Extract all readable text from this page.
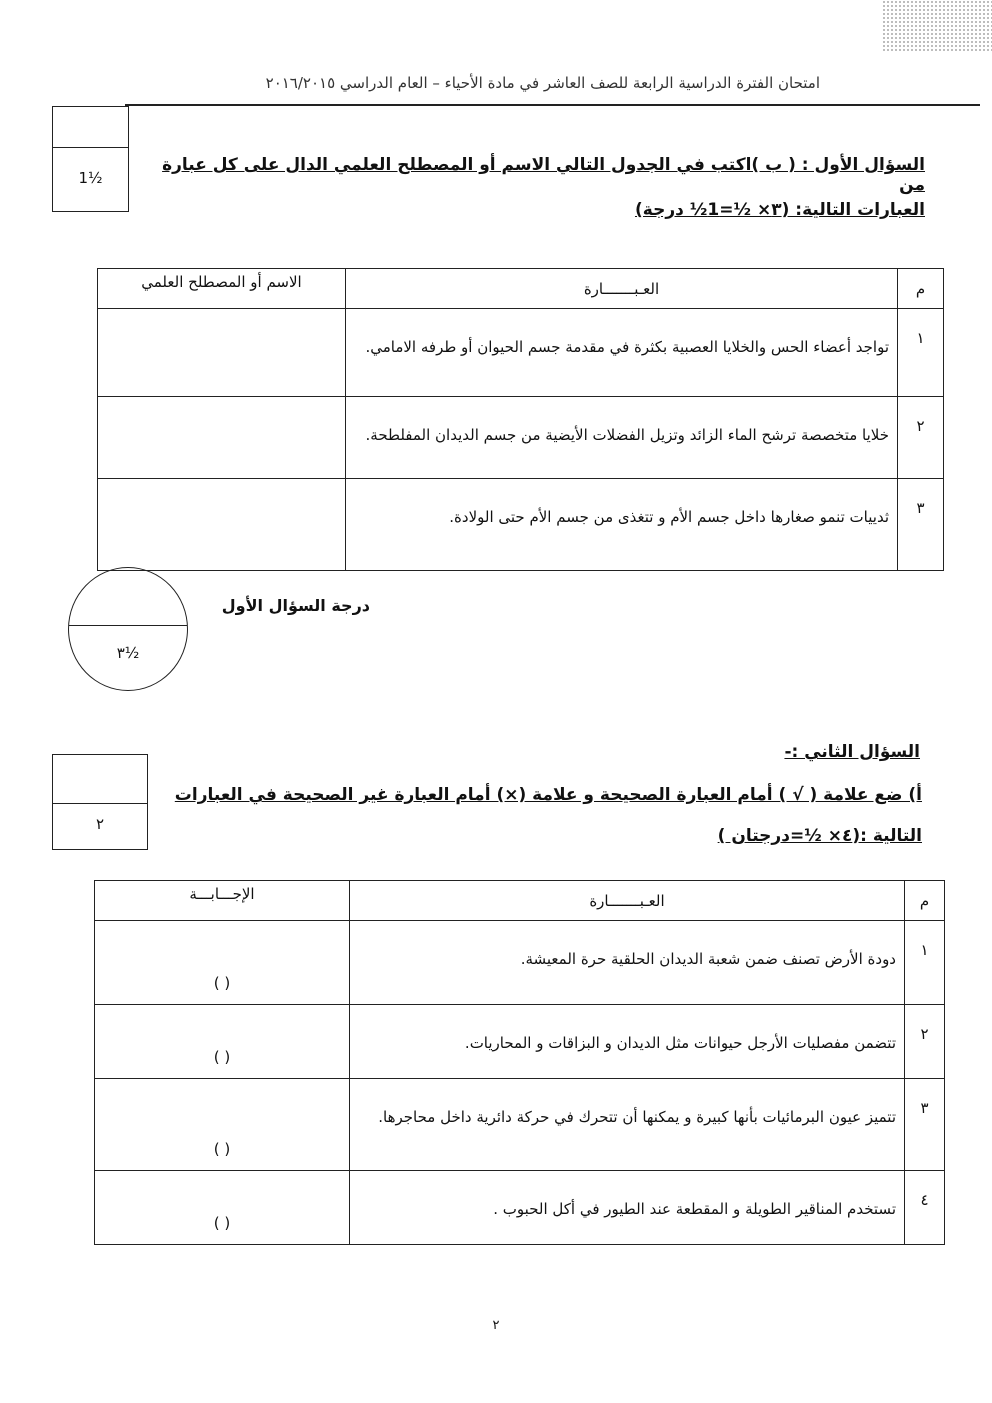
امتحان الفترة الدراسية الرابعة للصف العاشر في مادة الأحياء – العام الدراسي ٢٠١٦/٢٠١٥
1½
السؤال الأول : ( ب )اكتب في الجدول التالي الاسم أو المصطلح العلمي الدال على كل عبارة من
العبارات التالية: (٣× ½=1½ درجة)
م	العـبـــــــارة	الاسم أو المصطلح العلمي
١	تواجد أعضاء الحس والخلايا العصبية بكثرة في مقدمة جسم الحيوان أو طرفه الامامي.	
٢	خلايا متخصصة ترشح الماء الزائد وتزيل الفضلات الأيضية من جسم الديدان المفلطحة.	
٣	ثدييات تنمو صغارها داخل جسم الأم و تتغذى من جسم الأم حتى الولادة.	
٣½
درجة السؤال الأول
السؤال الثاني :-
٢
أ) ضع علامة ( √ ) أمام العبارة الصحيحة و علامة (×) أمام العبارة غير الصحيحة في العبارات
التالية :(٤× ½=درجتان )
م	العـبـــــــارة	الإجـــابـــة
١	دودة الأرض تصنف ضمن شعبة الديدان الحلقية حرة المعيشة.	( )
٢	تتضمن مفصليات الأرجل حيوانات مثل الديدان و البزاقات و المحاريات.	( )
٣	تتميز عيون البرمائيات بأنها كبيرة و يمكنها أن تتحرك في حركة دائرية داخل محاجرها.	( )
٤	تستخدم المناقير الطويلة و المقطعة عند الطيور في أكل الحبوب .	( )
٢
